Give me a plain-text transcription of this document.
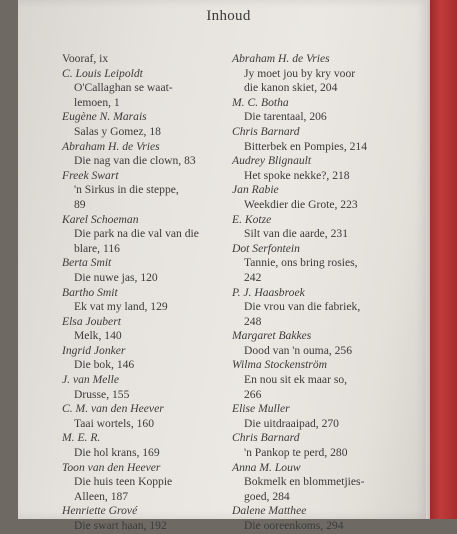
Inhoud
Vooraf, ix
C. Louis Leipoldt
O'Callaghan se waat-
lemoen, 1
Eugène N. Marais
Salas y Gomez, 18
Abraham H. de Vries
Die nag van die clown, 83
Freek Swart
'n Sirkus in die steppe,
89
Karel Schoeman
Die park na die val van die
blare, 116
Berta Smit
Die nuwe jas, 120
Bartho Smit
Ek vat my land, 129
Elsa Joubert
Melk, 140
Ingrid Jonker
Die bok, 146
J. van Melle
Drusse, 155
C. M. van den Heever
Taai wortels, 160
M. E. R.
Die hol krans, 169
Toon van den Heever
Die huis teen Koppie
Alleen, 187
Henriette Grové
Die swart haan, 192
Abraham H. de Vries
Jy moet jou by kry voor
die kanon skiet, 204
M. C. Botha
Die tarentaal, 206
Chris Barnard
Bitterbek en Pompies, 214
Audrey Blignault
Het spoke nekke?, 218
Jan Rabie
Weekdier die Grote, 223
E. Kotze
Silt van die aarde, 231
Dot Serfontein
Tannie, ons bring rosies,
242
P. J. Haasbroek
Die vrou van die fabriek,
248
Margaret Bakkes
Dood van 'n ouma, 256
Wilma Stockenström
En nou sit ek maar so,
266
Elise Muller
Die uitdraaipad, 270
Chris Barnard
'n Pankop te perd, 280
Anna M. Louw
Bokmelk en blommetjies-
goed, 284
Dalene Matthee
Die ooreenkoms, 294
